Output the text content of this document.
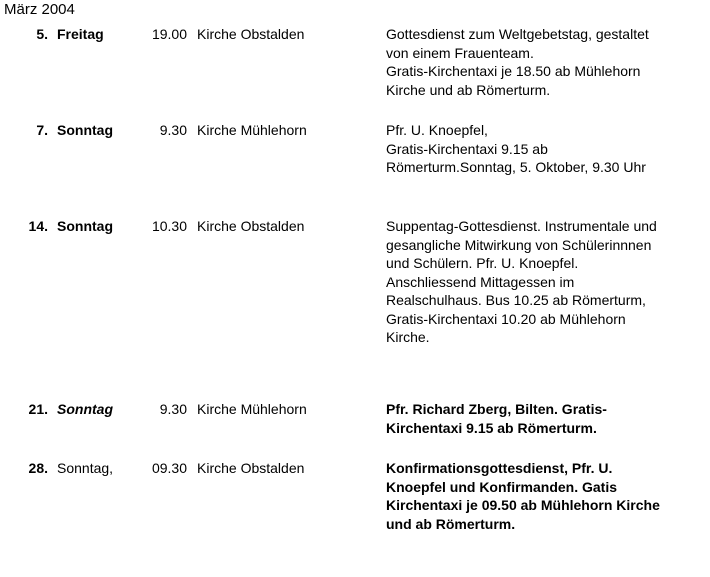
März 2004
5. Freitag	19.00 Kirche Obstalden	Gottesdienst zum Weltgebetstag, gestaltet
von einem Frauenteam.
Gratis-Kirchentaxi je 18.50 ab Mühlehorn
Kirche und ab Römerturm.
7. Sonntag	9.30 Kirche Mühlehorn	Pfr. U. Knoepfel,
Gratis-Kirchentaxi 9.15 ab
Römerturm.Sonntag, 5. Oktober, 9.30 Uhr
14. Sonntag	10.30 Kirche Obstalden	Suppentag-Gottesdienst. Instrumentale und
gesangliche Mitwirkung von Schülerinnnen
und Schülern. Pfr. U. Knoepfel.
Anschliessend Mittagessen im
Realschulhaus. Bus 10.25 ab Römerturm,
Gratis-Kirchentaxi 10.20 ab Mühlehorn
Kirche.
21. Sonntag	9.30 Kirche Mühlehorn	Pfr. Richard Zberg, Bilten. Gratis-
Kirchentaxi 9.15 ab Römerturm.
28. Sonntag,	09.30 Kirche Obstalden	Konfirmationsgottesdienst, Pfr. U.
Knoepfel und Konfirmanden. Gatis
Kirchentaxi je 09.50 ab Mühlehorn Kirche
und ab Römerturm.
